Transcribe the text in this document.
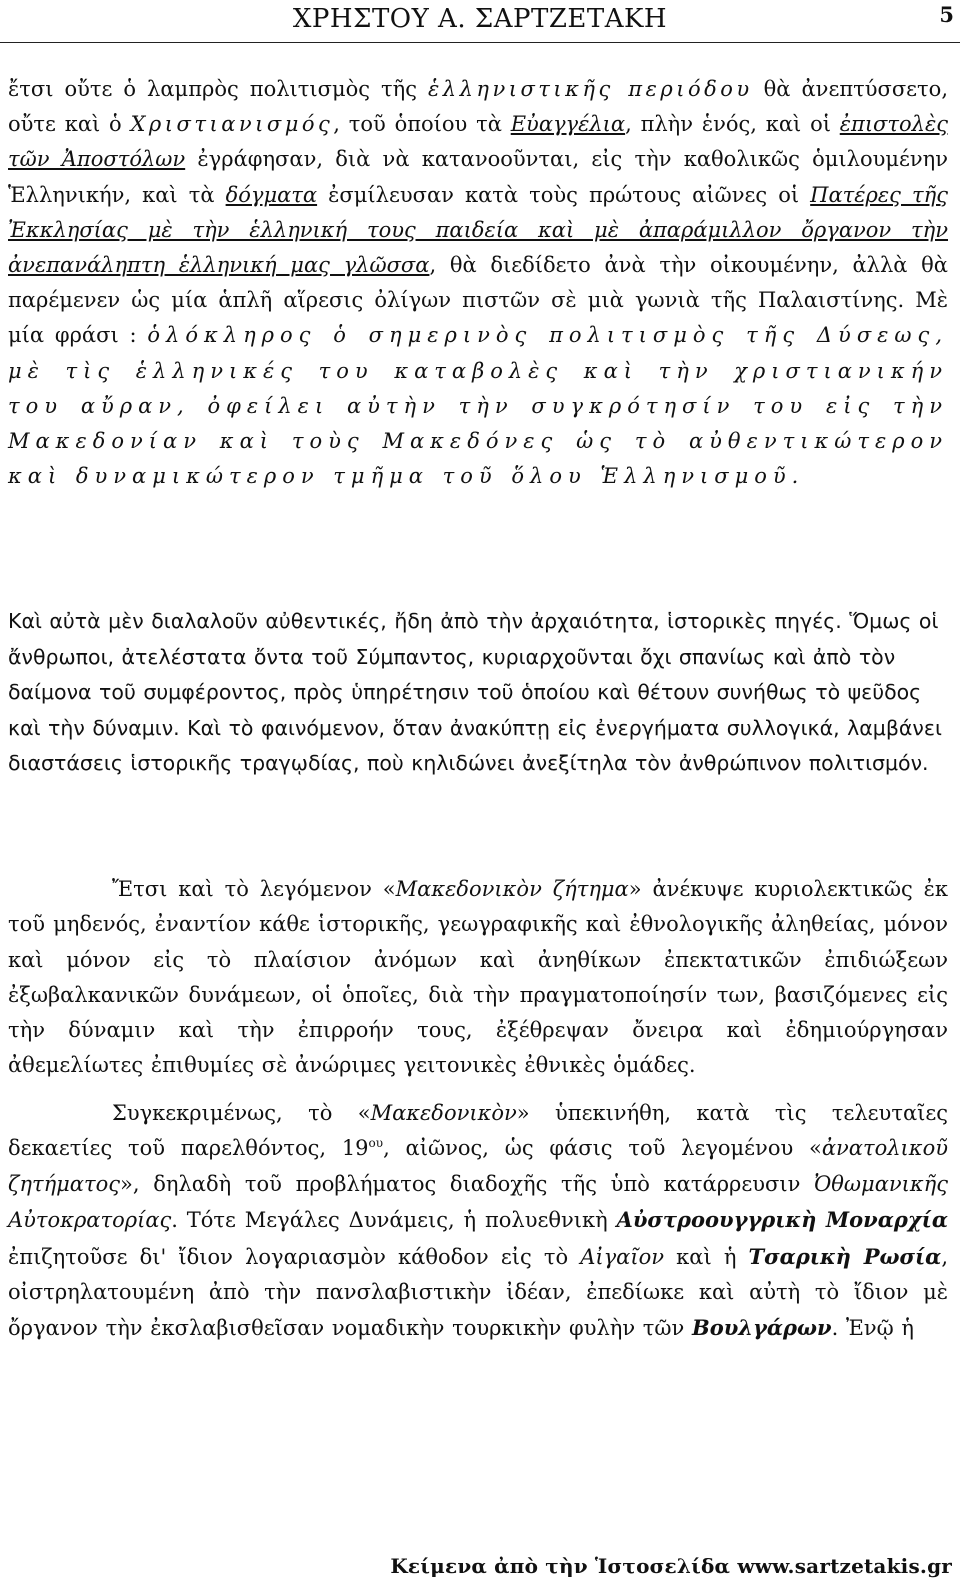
ΧΡΗΣΤΟΥ Α. ΣΑΡΤΖΕΤΑΚΗ	5
ἔτσι οὔτε ὁ λαμπρὸς πολιτισμὸς τῆς ἑλληνιστικῆς περιόδου θὰ ἀνεπτύσσετο, οὔτε καὶ ὁ Χριστιανισμός, τοῦ ὁποίου τὰ Εὐαγγέλια, πλὴν ἑνός, καὶ οἱ ἐπιστολὲς τῶν Ἀποστόλων ἐγράφησαν, διὰ νὰ κατανοοῦνται, εἰς τὴν καθολικῶς ὁμιλουμένην Ἑλληνικήν, καὶ τὰ δόγματα ἐσμίλευσαν κατὰ τοὺς πρώτους αἰῶνες οἱ Πατέρες τῆς Ἐκκλησίας μὲ τὴν ἑλληνική τους παιδεία καὶ μὲ ἀπαράμιλλον ὄργανον τὴν ἀνεπανάληπτη ἑλληνική μας γλῶσσα, θὰ διεδίδετο ἀνὰ τὴν οἰκουμένην, ἀλλὰ θὰ παρέμενεν ὡς μία ἁπλῆ αἵρεσις ὀλίγων πιστῶν σὲ μιὰ γωνιὰ τῆς Παλαιστίνης. Μὲ μία φράσι : ὁλόκληρος ὁ σημερινὸς πολιτισμὸς τῆς Δύσεως, μὲ τὶς ἑλληνικές του καταβολὲς καὶ τὴν χριστιανικήν του αὔραν, ὀφείλει αὐτὴν τὴν συγκρότησίν του εἰς τὴν Μακεδονίαν καὶ τοὺς Μακεδόνες ὡς τὸ αὐθεντικώτερον καὶ δυναμικώτερον τμῆμα τοῦ ὅλου Ἑλληνισμοῦ.
Καὶ αὐτὰ μὲν διαλαλοῦν αὐθεντικές, ἤδη ἀπὸ τὴν ἀρχαιότητα, ἱστορικὲς πηγές. Ὅμως οἱ ἄνθρωποι, ἀτελέστατα ὄντα τοῦ Σύμπαντος, κυριαρχοῦνται ὄχι σπανίως καὶ ἀπὸ τὸν δαίμονα τοῦ συμφέροντος, πρὸς ὑπηρέτησιν τοῦ ὁποίου καὶ θέτουν συνήθως τὸ ψεῦδος καὶ τὴν δύναμιν. Καὶ τὸ φαινόμενον, ὅταν ἀνακύπτῃ εἰς ἐνεργήματα συλλογικά, λαμβάνει διαστάσεις ἱστορικῆς τραγῳδίας, ποὺ κηλιδώνει ἀνεξίτηλα τὸν ἀνθρώπινον πολιτισμόν.
Ἔτσι καὶ τὸ λεγόμενον «Μακεδονικὸν ζήτημα» ἀνέκυψε κυριολεκτικῶς ἐκ τοῦ μηδενός, ἐναντίον κάθε ἱστορικῆς, γεωγραφικῆς καὶ ἐθνολογικῆς ἀληθείας, μόνον καὶ μόνον εἰς τὸ πλαίσιον ἀνόμων καὶ ἀνηθίκων ἐπεκτατικῶν ἐπιδιώξεων ἐξωβαλκανικῶν δυνάμεων, οἱ ὁποῖες, διὰ τὴν πραγματοποίησίν των, βασιζόμενες εἰς τὴν δύναμιν καὶ τὴν ἐπιρροήν τους, ἐξέθρεψαν ὄνειρα καὶ ἐδημιούργησαν ἀθεμελίωτες ἐπιθυμίες σὲ ἀνώριμες γειτονικὲς ἐθνικὲς ὁμάδες.
Συγκεκριμένως, τὸ «Μακεδονικὸν» ὑπεκινήθη, κατὰ τὶς τελευταῖες δεκαετίες τοῦ παρελθόντος, $19^{o\upsilon}$, αἰῶνος, ὡς φάσις τοῦ λεγομένου «ἀνατολικοῦ ζητήματος», δηλαδὴ τοῦ προβλήματος διαδοχῆς τῆς ὑπὸ κατάρρευσιν Ὀθωμανικῆς Αὐτοκρατορίας. Τότε Μεγάλες Δυνάμεις, ἡ πολυεθνικὴ Αὐστροουγγρικὴ Μοναρχία ἐπιζητοῦσε δι' ἴδιον λογαριασμὸν κάθοδον εἰς τὸ Αἰγαῖον καὶ ἡ Τσαρικὴ Ρωσία, οἰστρηλατουμένη ἀπὸ τὴν πανσλαβιστικὴν ἰδέαν, ἐπεδίωκε καὶ αὐτὴ τὸ ἴδιον μὲ ὄργανον τὴν ἐκσλαβισθεῖσαν νομαδικὴν τουρκικὴν φυλὴν τῶν Βουλγάρων. Ἐνῷ ἡ
Κείμενα ἀπὸ τὴν Ἱστοσελίδα www.sartzetakis.gr
